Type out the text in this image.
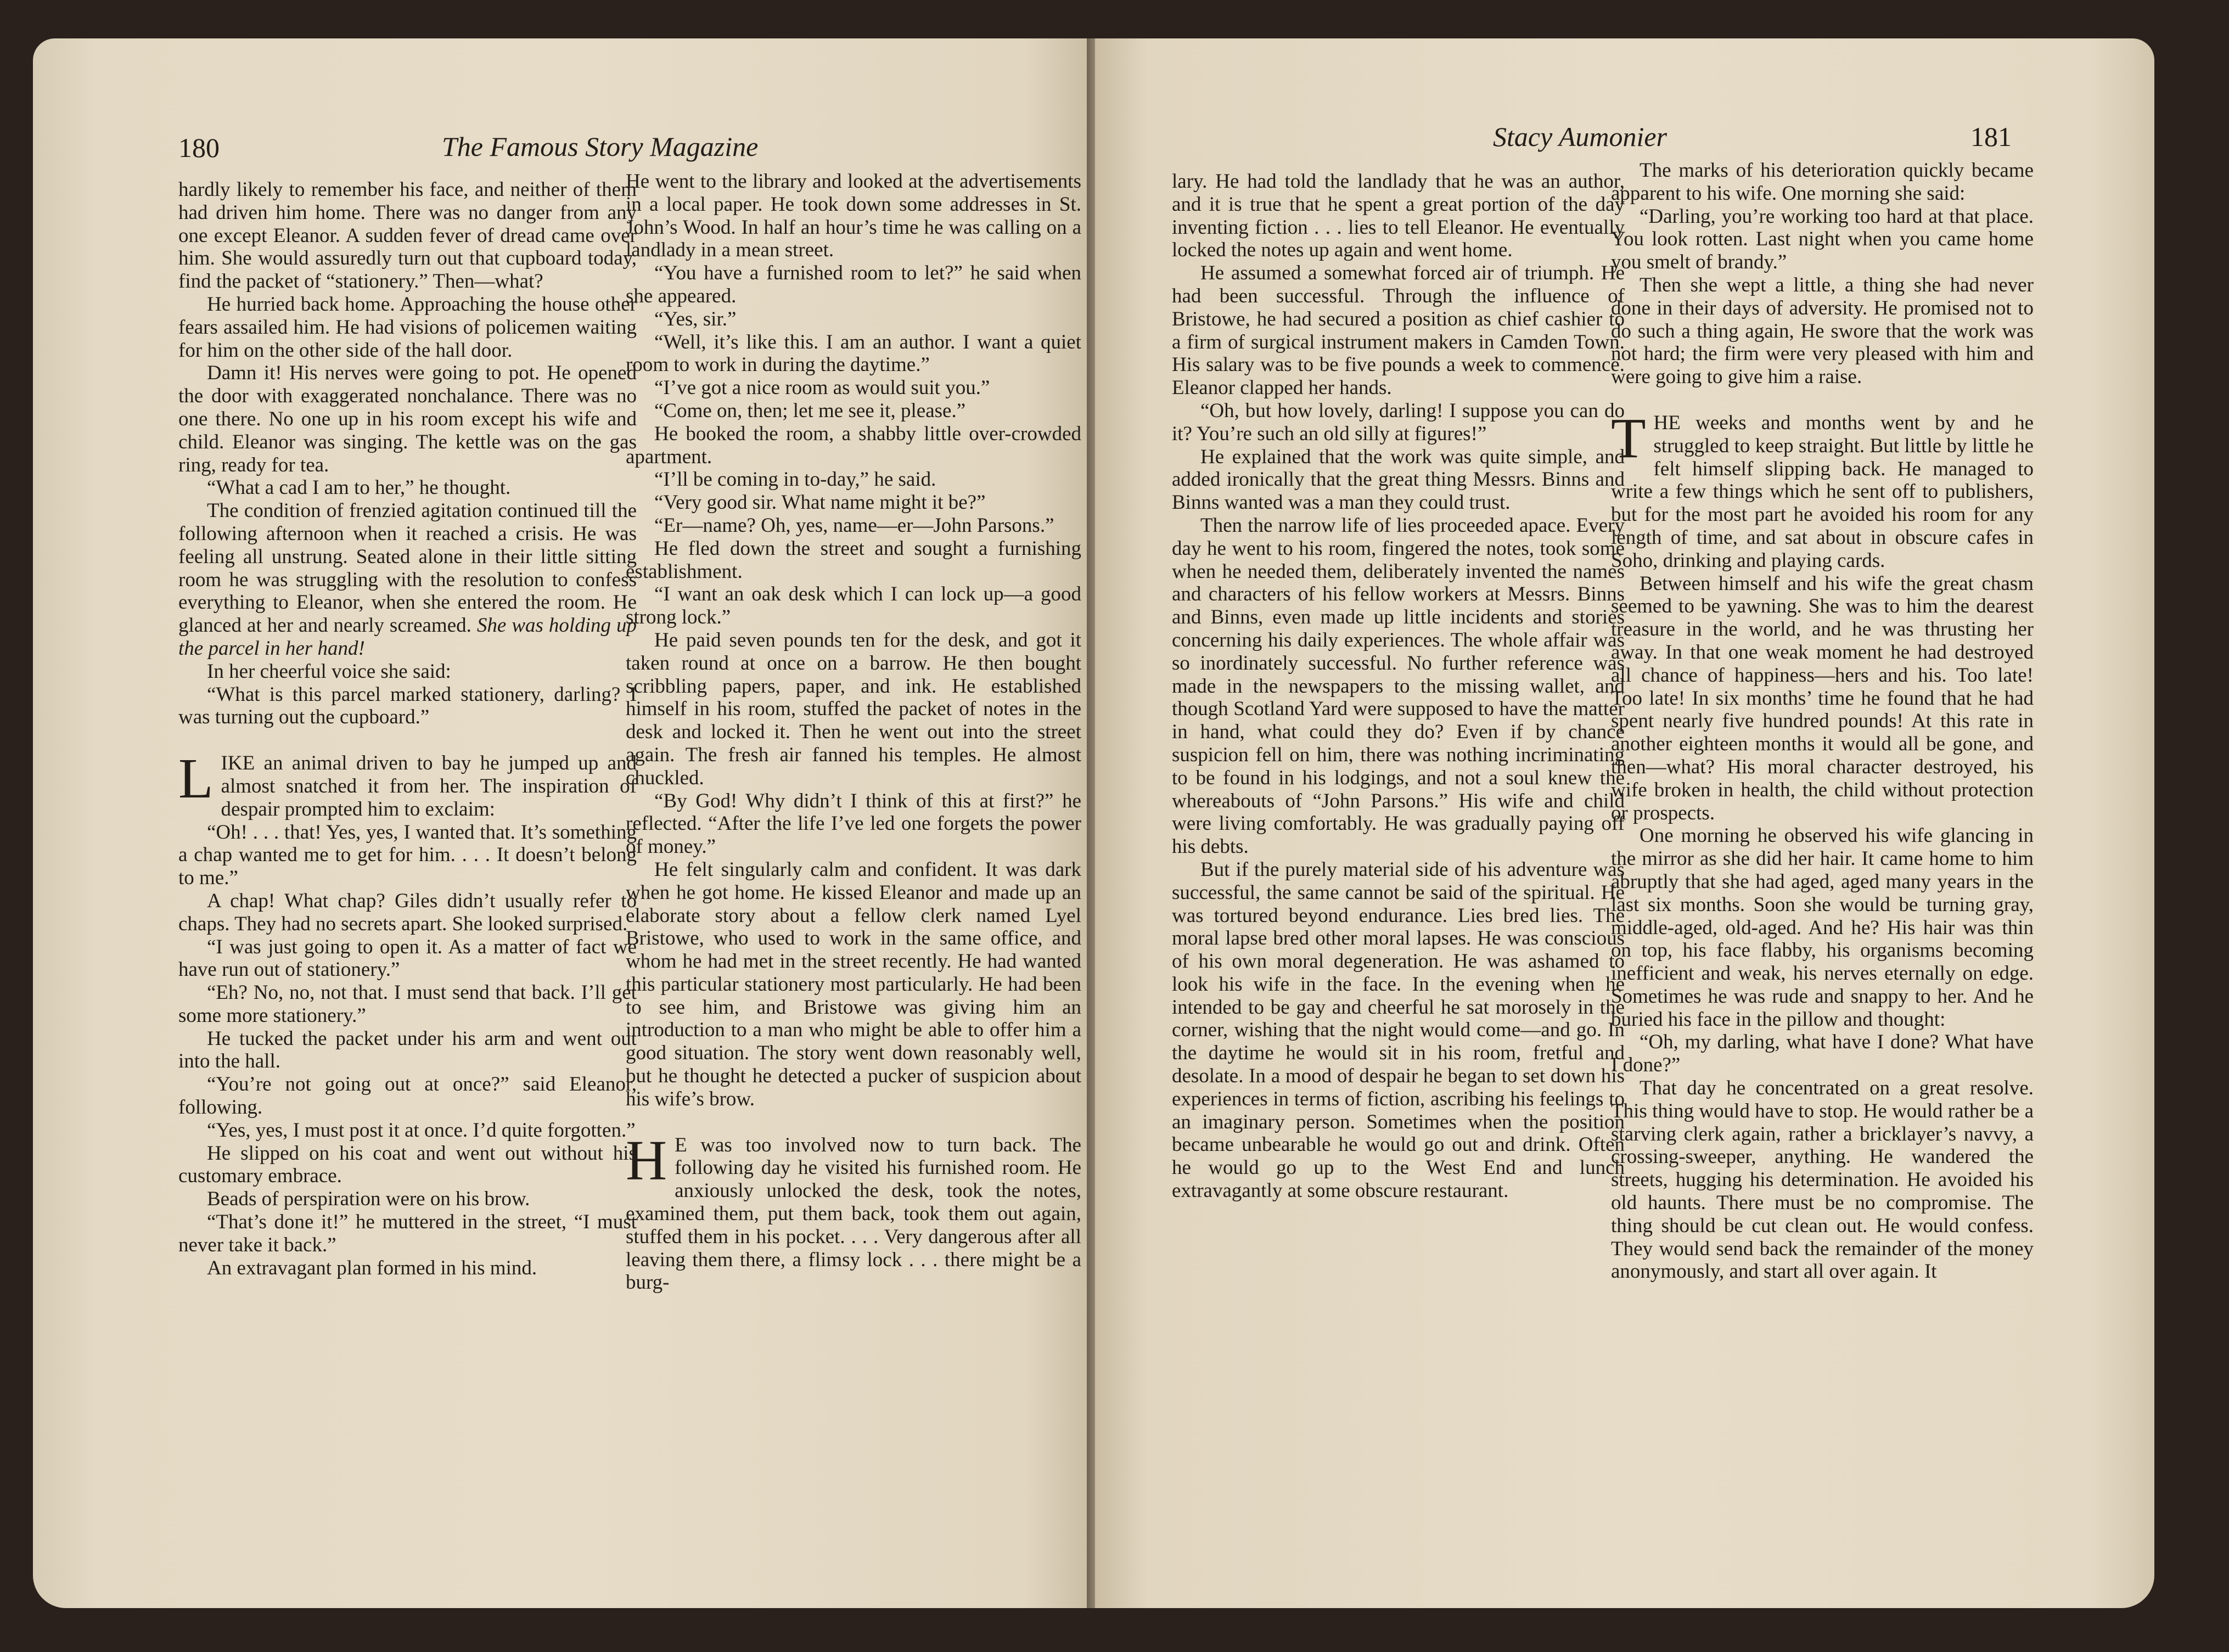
180	The Famous Story Magazine

hardly likely to remember his face, and neither of them had driven him home. There was no danger from any one except Eleanor. A sudden fever of dread came over him. She would assuredly turn out that cupboard today, find the packet of “stationery.” Then—what?

He hurried back home. Approaching the house other fears assailed him. He had visions of policemen waiting for him on the other side of the hall door.

Damn it! His nerves were going to pot. He opened the door with exaggerated nonchalance. There was no one there. No one up in his room except his wife and child. Eleanor was singing. The kettle was on the gas ring, ready for tea.

“What a cad I am to her,” he thought.

The condition of frenzied agitation continued till the following afternoon when it reached a crisis. He was feeling all unstrung. Seated alone in their little sitting room he was struggling with the resolution to confess everything to Eleanor, when she entered the room. He glanced at her and nearly screamed. She was holding up the parcel in her hand!

In her cheerful voice she said:

“What is this parcel marked stationery, darling? I was turning out the cupboard.”

LIKE an animal driven to bay he jumped up and almost snatched it from her. The inspiration of despair prompted him to exclaim:

“Oh! . . . that! Yes, yes, I wanted that. It’s something a chap wanted me to get for him. . . . It doesn’t belong to me.”

A chap! What chap? Giles didn’t usually refer to chaps. They had no secrets apart. She looked surprised.

“I was just going to open it. As a matter of fact we have run out of stationery.”

“Eh? No, no, not that. I must send that back. I’ll get some more stationery.”

He tucked the packet under his arm and went out into the hall.

“You’re not going out at once?” said Eleanor, following.

“Yes, yes, I must post it at once. I’d quite forgotten.”

He slipped on his coat and went out without his customary embrace.

Beads of perspiration were on his brow.

“That’s done it!” he muttered in the street, “I must never take it back.”

An extravagant plan formed in his mind.

He went to the library and looked at the advertisements in a local paper. He took down some addresses in St. John’s Wood. In half an hour’s time he was calling on a landlady in a mean street.

“You have a furnished room to let?” he said when she appeared.

“Yes, sir.”

“Well, it’s like this. I am an author. I want a quiet room to work in during the daytime.”

“I’ve got a nice room as would suit you.”

“Come on, then; let me see it, please.”

He booked the room, a shabby little over-crowded apartment.

“I’ll be coming in to-day,” he said.

“Very good sir. What name might it be?”

“Er—name? Oh, yes, name—er—John Parsons.”

He fled down the street and sought a furnishing establishment.

“I want an oak desk which I can lock up—a good strong lock.”

He paid seven pounds ten for the desk, and got it taken round at once on a barrow. He then bought scribbling papers, paper, and ink. He established himself in his room, stuffed the packet of notes in the desk and locked it. Then he went out into the street again. The fresh air fanned his temples. He almost chuckled.

“By God! Why didn’t I think of this at first?” he reflected. “After the life I’ve led one forgets the power of money.”

He felt singularly calm and confident. It was dark when he got home. He kissed Eleanor and made up an elaborate story about a fellow clerk named Lyel Bristowe, who used to work in the same office, and whom he had met in the street recently. He had wanted this particular stationery most particularly. He had been to see him, and Bristowe was giving him an introduction to a man who might be able to offer him a good situation. The story went down reasonably well, but he thought he detected a pucker of suspicion about his wife’s brow.

H E was too involved now to turn back. The following day he visited his furnished room. He anxiously unlocked the desk, took the notes, examined them, put them back, took them out again, stuffed them in his pocket. . . . Very dangerous after all leaving them there, a flimsy lock . . . there might be a burg-

Stacy Aumonier	181

lary. He had told the landlady that he was an author, and it is true that he spent a great portion of the day inventing fiction . . . lies to tell Eleanor. He eventually locked the notes up again and went home.

He assumed a somewhat forced air of triumph. He had been successful. Through the influence of Bristowe, he had secured a position as chief cashier to a firm of surgical instrument makers in Camden Town. His salary was to be five pounds a week to commence. Eleanor clapped her hands.

“Oh, but how lovely, darling! I suppose you can do it? You’re such an old silly at figures!”

He explained that the work was quite simple, and added ironically that the great thing Messrs. Binns and Binns wanted was a man they could trust.

Then the narrow life of lies proceeded apace. Every day he went to his room, fingered the notes, took some when he needed them, deliberately invented the names and characters of his fellow workers at Messrs. Binns and Binns, even made up little incidents and stories concerning his daily experiences. The whole affair was so inordinately successful. No further reference was made in the newspapers to the missing wallet, and though Scotland Yard were supposed to have the matter in hand, what could they do? Even if by chance suspicion fell on him, there was nothing incriminating to be found in his lodgings, and not a soul knew the whereabouts of “John Parsons.” His wife and child were living comfortably. He was gradually paying off his debts.

But if the purely material side of his adventure was successful, the same cannot be said of the spiritual. He was tortured beyond endurance. Lies bred lies. The moral lapse bred other moral lapses. He was conscious of his own moral degeneration. He was ashamed to look his wife in the face. In the evening when he intended to be gay and cheerful he sat morosely in the corner, wishing that the night would come—and go. In the daytime he would sit in his room, fretful and desolate. In a mood of despair he began to set down his experiences in terms of fiction, ascribing his feelings to an imaginary person. Sometimes when the position became unbearable he would go out and drink. Often he would go up to the West End and lunch extravagantly at some obscure restaurant.

The marks of his deterioration quickly became apparent to his wife. One morning she said:

“Darling, you’re working too hard at that place. You look rotten. Last night when you came home you smelt of brandy.”

Then she wept a little, a thing she had never done in their days of adversity. He promised not to do such a thing again, He swore that the work was not hard; the firm were very pleased with him and were going to give him a raise.

THE weeks and months went by and he struggled to keep straight. But little by little he felt himself slipping back. He managed to write a few things which he sent off to publishers, but for the most part he avoided his room for any length of time, and sat about in obscure cafes in Soho, drinking and playing cards.

Between himself and his wife the great chasm seemed to be yawning. She was to him the dearest treasure in the world, and he was thrusting her away. In that one weak moment he had destroyed all chance of happiness—hers and his. Too late! Too late! In six months’ time he found that he had spent nearly five hundred pounds! At this rate in another eighteen months it would all be gone, and then—what? His moral character destroyed, his wife broken in health, the child without protection or prospects.

One morning he observed his wife glancing in the mirror as she did her hair. It came home to him abruptly that she had aged, aged many years in the last six months. Soon she would be turning gray, middle-aged, old-aged. And he? His hair was thin on top, his face flabby, his organisms becoming inefficient and weak, his nerves eternally on edge. Sometimes he was rude and snappy to her. And he buried his face in the pillow and thought:

“Oh, my darling, what have I done? What have I done?”

That day he concentrated on a great resolve. This thing would have to stop. He would rather be a starving clerk again, rather a bricklayer’s navvy, a crossing-sweeper, anything. He wandered the streets, hugging his determination. He avoided his old haunts. There must be no compromise. The thing should be cut clean out. He would confess. They would send back the remainder of the money anonymously, and start all over again. It
